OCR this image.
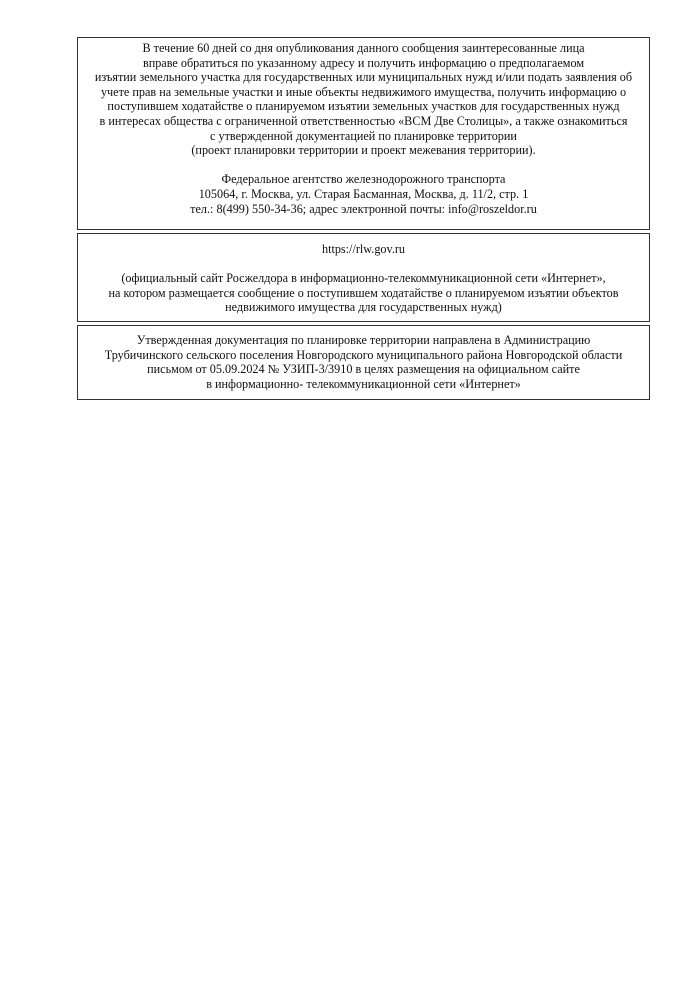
В течение 60 дней со дня опубликования данного сообщения заинтересованные лица
вправе обратиться по указанному адресу и получить информацию о предполагаемом
изъятии земельного участка для государственных или муниципальных нужд и/или подать заявления об
учете прав на земельные участки и иные объекты недвижимого имущества, получить информацию о
поступившем ходатайстве о планируемом изъятии земельных участков для государственных нужд
в интересах общества с ограниченной ответственностью «ВСМ Две Столицы», а также ознакомиться
с утвержденной документацией по планировке территории
(проект планировки территории и проект межевания территории).
Федеральное агентство железнодорожного транспорта
105064, г. Москва, ул. Старая Басманная, Москва, д. 11/2, стр. 1
тел.: 8(499) 550-34-36; адрес электронной почты: info@roszeldor.ru
https://rlw.gov.ru
(официальный сайт Росжелдора в информационно-телекоммуникационной сети «Интернет»,
на котором размещается сообщение о поступившем ходатайстве о планируемом изъятии объектов
недвижимого имущества для государственных нужд)
Утвержденная документация по планировке территории направлена в Администрацию
Трубичинского сельского поселения Новгородского муниципального района Новгородской области
письмом от 05.09.2024 № УЗИП-3/3910 в целях размещения на официальном сайте
в информационно- телекоммуникационной сети «Интернет»
